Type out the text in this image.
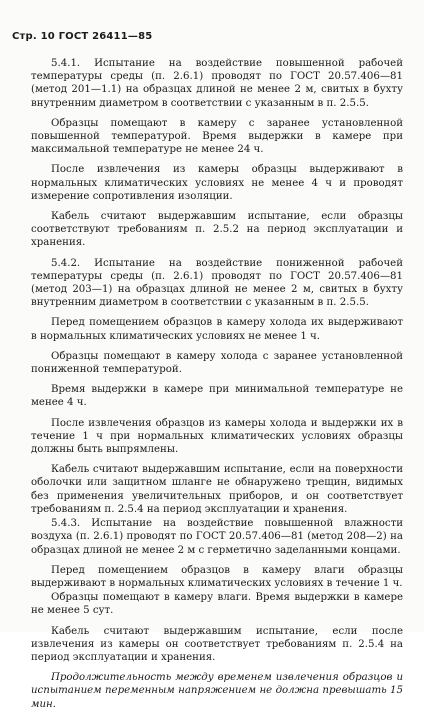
Стр. 10 ГОСТ 26411—85

5.4.1. Испытание на воздействие повышенной рабочей температуры среды (п. 2.6.1) проводят по ГОСТ 20.57.406—81 (метод 201—1.1) на образцах длиной не менее 2 м, свитых в бухту внутренним диаметром в соответствии с указанным в п. 2.5.5.

Образцы помещают в камеру с заранее установленной повышенной температурой. Время выдержки в камере при максимальной температуре не менее 24 ч.

После извлечения из камеры образцы выдерживают в нормальных климатических условиях не менее 4 ч и проводят измерение сопротивления изоляции.

Кабель считают выдержавшим испытание, если образцы соответствуют требованиям п. 2.5.2 на период эксплуатации и хранения.

5.4.2. Испытание на воздействие пониженной рабочей температуры среды (п. 2.6.1) проводят по ГОСТ 20.57.406—81 (метод 203—1) на образцах длиной не менее 2 м, свитых в бухту внутренним диаметром в соответствии с указанным в п. 2.5.5.

Перед помещением образцов в камеру холода их выдерживают в нормальных климатических условиях не менее 1 ч.

Образцы помещают в камеру холода с заранее установленной пониженной температурой.

Время выдержки в камере при минимальной температуре не менее 4 ч.

После извлечения образцов из камеры холода и выдержки их в течение 1 ч при нормальных климатических условиях образцы должны быть выпрямлены.

Кабель считают выдержавшим испытание, если на поверхности оболочки или защитном шланге не обнаружено трещин, видимых без применения увеличительных приборов, и он соответствует требованиям п. 2.5.4 на период эксплуатации и хранения.

5.4.3. Испытание на воздействие повышенной влажности воздуха (п. 2.6.1) проводят по ГОСТ 20.57.406—81 (метод 208—2) на образцах длиной не менее 2 м с герметично заделанными концами.

Перед помещением образцов в камеру влаги образцы выдерживают в нормальных климатических условиях в течение 1 ч.

Образцы помещают в камеру влаги. Время выдержки в камере не менее 5 сут.

Кабель считают выдержавшим испытание, если после извлечения из камеры он соответствует требованиям п. 2.5.4 на период эксплуатации и хранения.

Продолжительность между временем извлечения образцов и испытанием переменным напряжением не должна превышать 15 мин.
